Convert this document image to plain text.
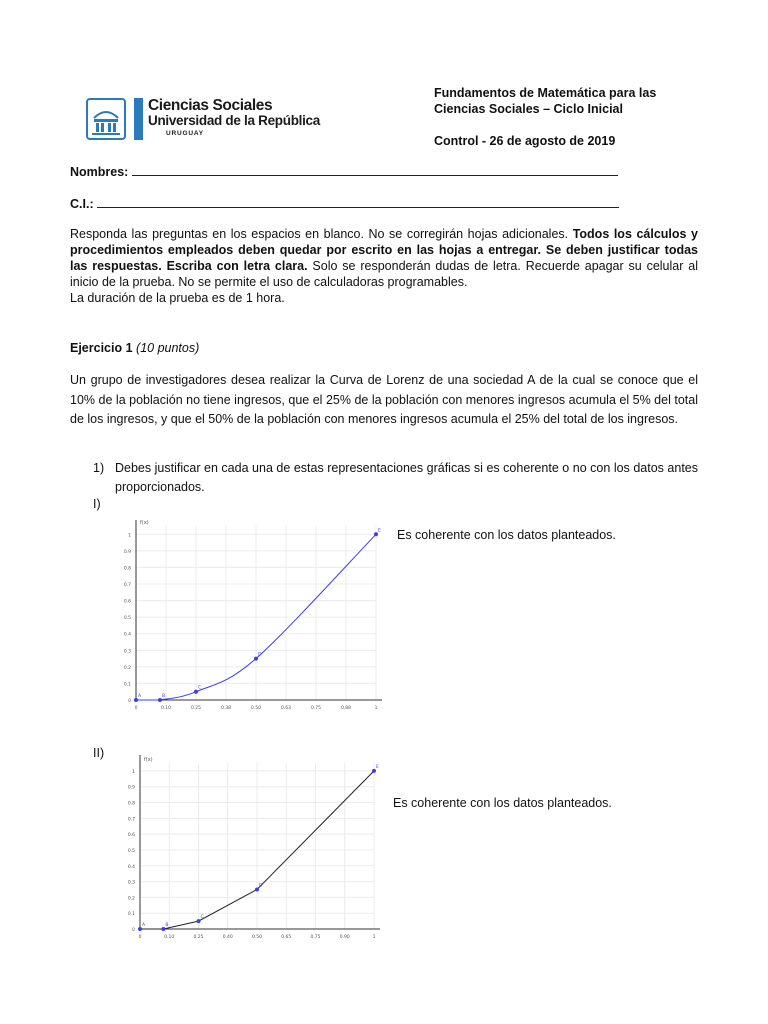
Ciencias Sociales
Universidad de la República
URUGUAY
Fundamentos de Matemática para las
Ciencias Sociales – Ciclo Inicial
Control - 26 de agosto de 2019
Nombres:
C.I.:
Responda las preguntas en los espacios en blanco. No se corregirán hojas adicionales. Todos los cálculos y procedimientos empleados deben quedar por escrito en las hojas a entregar. Se deben justificar todas las respuestas. Escriba con letra clara. Solo se responderán dudas de letra. Recuerde apagar su celular al inicio de la prueba. No se permite el uso de calculadoras programables.
La duración de la prueba es de 1 hora.
Ejercicio 1 (10 puntos)
Un grupo de investigadores desea realizar la Curva de Lorenz de una sociedad A de la cual se conoce que el 10% de la población no tiene ingresos, que el 25% de la población con menores ingresos acumula el 5% del total de los ingresos, y que el 50% de la población con menores ingresos acumula el 25% del total de los ingresos.
1) Debes justificar en cada una de estas representaciones gráficas si es coherente o no con los datos antes proporcionados.
I)
II)
Es coherente con los datos planteados.
Es coherente con los datos planteados.
0
0.1
0.2
0.3
0.4
0.5
0.6
0.7
0.8
0.9
1
0	0.10	0.25	0.38	0.50	0.63	0.75	0.88	1
f(x)
A	B
C
D
E
0
0.1
0.2
0.3
0.4
0.5
0.6
0.7
0.8
0.9
1
0	0.10	0.25	0.40	0.50	0.65	0.75	0.90	1
f(x)
A	B
C
D
E
